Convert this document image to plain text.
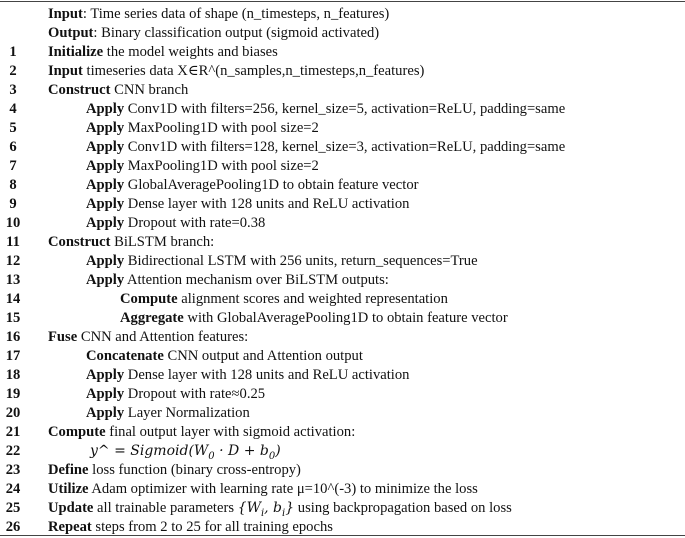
Input: Time series data of shape (n_timesteps, n_features)
Output: Binary classification output (sigmoid activated)
1	Initialize the model weights and biases
2	Input timeseries data X∈R^(n_samples,n_timesteps,n_features)
3	Construct CNN branch
4	Apply Conv1D with filters=256, kernel_size=5, activation=ReLU, padding=same
5	Apply MaxPooling1D with pool size=2
6	Apply Conv1D with filters=128, kernel_size=3, activation=ReLU, padding=same
7	Apply MaxPooling1D with pool size=2
8	Apply GlobalAveragePooling1D to obtain feature vector
9	Apply Dense layer with 128 units and ReLU activation
10	Apply Dropout with rate=0.38
11	Construct BiLSTM branch:
12	Apply Bidirectional LSTM with 256 units, return_sequences=True
13	Apply Attention mechanism over BiLSTM outputs:
14	Compute alignment scores and weighted representation
15	Aggregate with GlobalAveragePooling1D to obtain feature vector
16	Fuse CNN and Attention features:
17	Concatenate CNN output and Attention output
18	Apply Dense layer with 128 units and ReLU activation
19	Apply Dropout with rate≈0.25
20	Apply Layer Normalization
21	Compute final output layer with sigmoid activation:
22	y^ = $Sigmoid(W_0 \cdot D + b_0)$
23	Define loss function (binary cross-entropy)
24	Utilize Adam optimizer with learning rate μ=10^(-3) to minimize the loss
25	Update all trainable parameters {$W_i$, $b_i$} using backpropagation based on loss
26	Repeat steps from 2 to 25 for all training epochs
